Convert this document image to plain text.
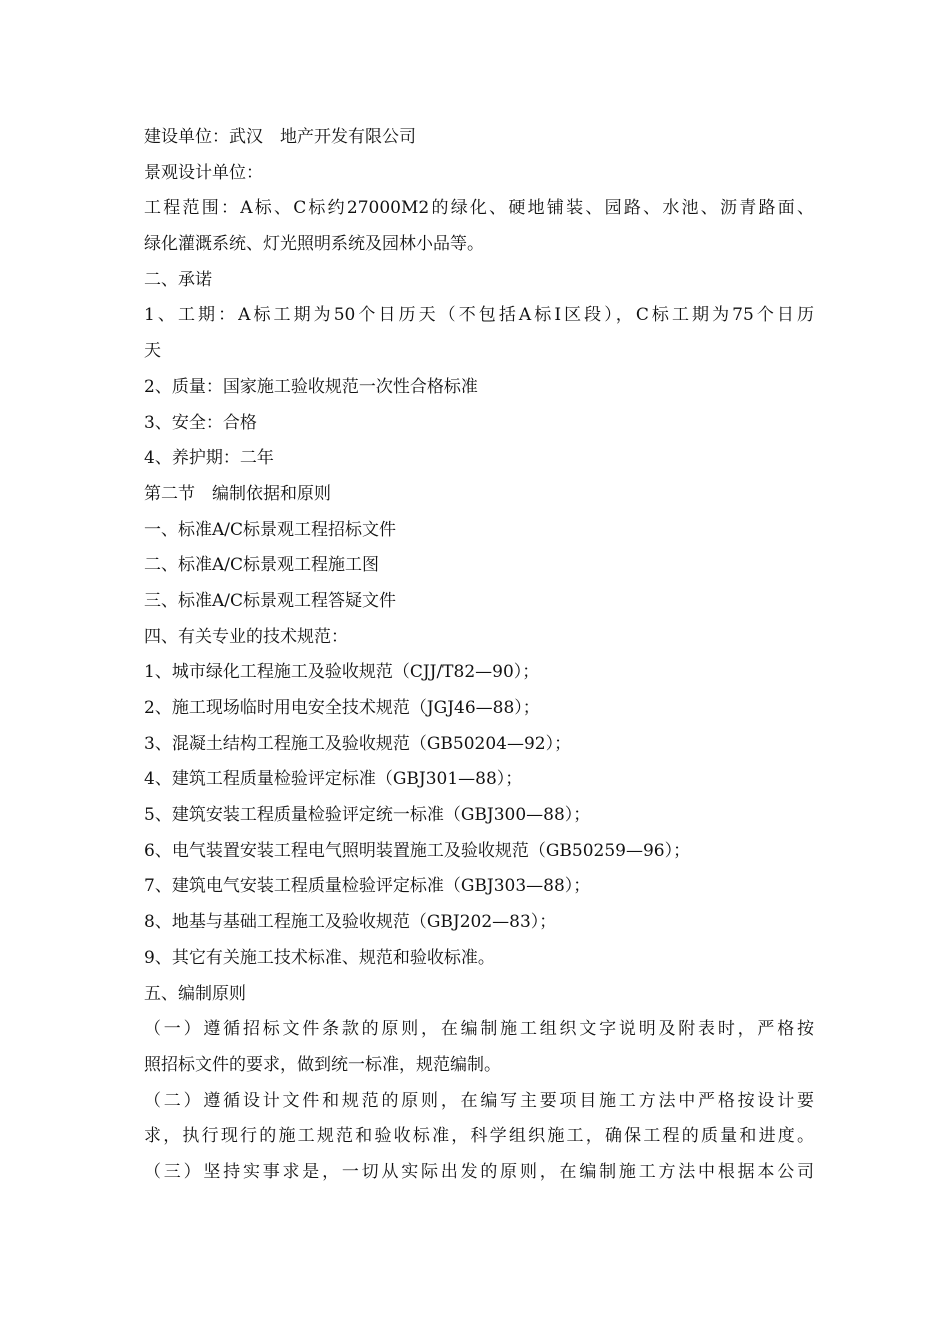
建设单位：武汉　地产开发有限公司
景观设计单位：
工程范围：A标、C标约27000M2的绿化、硬地铺装、园路、水池、沥青路面、
绿化灌溉系统、灯光照明系统及园林小品等。
二、承诺
1、工期：A标工期为50个日历天（不包括A标Ⅰ区段），C标工期为75个日历
天
2、质量：国家施工验收规范一次性合格标准
3、安全：合格
4、养护期：二年
第二节　编制依据和原则
一、标准A/C标景观工程招标文件
二、标准A/C标景观工程施工图
三、标准A/C标景观工程答疑文件
四、有关专业的技术规范：
1、城市绿化工程施工及验收规范（CJJ/T82—90）；
2、施工现场临时用电安全技术规范（JGJ46—88）；
3、混凝土结构工程施工及验收规范（GB50204—92）；
4、建筑工程质量检验评定标准（GBJ301—88）；
5、建筑安装工程质量检验评定统一标准（GBJ300—88）；
6、电气装置安装工程电气照明装置施工及验收规范（GB50259—96）；
7、建筑电气安装工程质量检验评定标准（GBJ303—88）；
8、地基与基础工程施工及验收规范（GBJ202—83）；
9、其它有关施工技术标准、规范和验收标准。
五、编制原则
（一）遵循招标文件条款的原则，在编制施工组织文字说明及附表时，严格按
照招标文件的要求，做到统一标准，规范编制。
（二）遵循设计文件和规范的原则，在编写主要项目施工方法中严格按设计要
求，执行现行的施工规范和验收标准，科学组织施工，确保工程的质量和进度。
（三）坚持实事求是，一切从实际出发的原则，在编制施工方法中根据本公司
